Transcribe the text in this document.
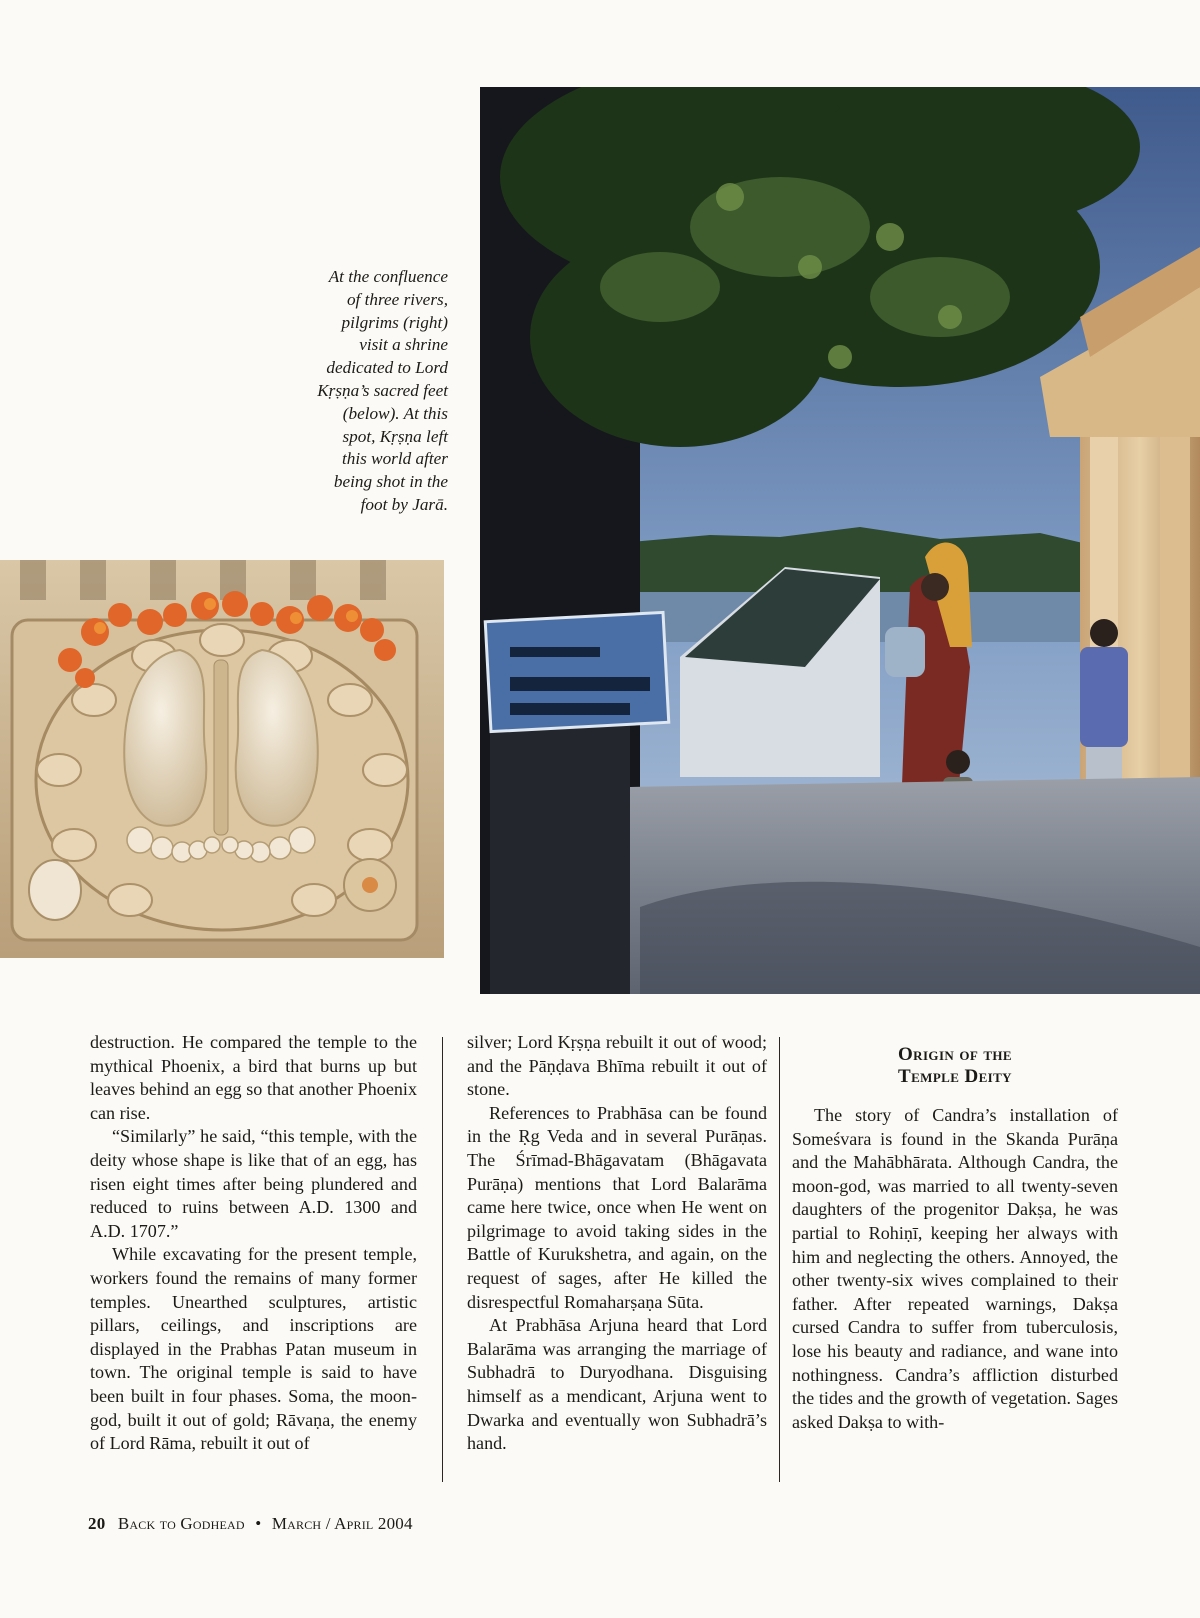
At the confluence
of three rivers,
pilgrims (right)
visit a shrine
dedicated to Lord
Kṛṣṇa’s sacred feet
(below). At this
spot, Kṛṣṇa left
this world after
being shot in the
foot by Jarā.

destruction. He compared the temple to the mythical Phoenix, a bird that burns up but leaves behind an egg so that another Phoenix can rise.

“Similarly” he said, “this temple, with the deity whose shape is like that of an egg, has risen eight times after being plundered and reduced to ruins between A.D. 1300 and A.D. 1707.”

While excavating for the present temple, workers found the remains of many former temples. Unearthed sculptures, artistic pillars, ceilings, and inscriptions are displayed in the Prabhas Patan museum in town. The original temple is said to have been built in four phases. Soma, the moon-god, built it out of gold; Rāvaṇa, the enemy of Lord Rāma, rebuilt it out of

silver; Lord Kṛṣṇa rebuilt it out of wood; and the Pāṇḍava Bhīma rebuilt it out of stone.

References to Prabhāsa can be found in the Ṛg Veda and in several Purāṇas. The Śrīmad-Bhāgavatam (Bhāgavata Purāṇa) mentions that Lord Balarāma came here twice, once when He went on pilgrimage to avoid taking sides in the Battle of Kurukshetra, and again, on the request of sages, after He killed the disrespectful Romaharṣaṇa Sūta.

At Prabhāsa Arjuna heard that Lord Balarāma was arranging the marriage of Subhadrā to Duryodhana. Disguising himself as a mendicant, Arjuna went to Dwarka and eventually won Subhadrā’s hand.

Origin of the
Temple Deity

The story of Candra’s installation of Someśvara is found in the Skanda Purāṇa and the Mahābhārata. Although Candra, the moon-god, was married to all twenty-seven daughters of the progenitor Dakṣa, he was partial to Rohiṇī, keeping her always with him and neglecting the others. Annoyed, the other twenty-six wives complained to their father. After repeated warnings, Dakṣa cursed Candra to suffer from tuberculosis, lose his beauty and radiance, and wane into nothingness. Candra’s affliction disturbed the tides and the growth of vegetation. Sages asked Dakṣa to with-

20 Back to Godhead • March / April 2004
